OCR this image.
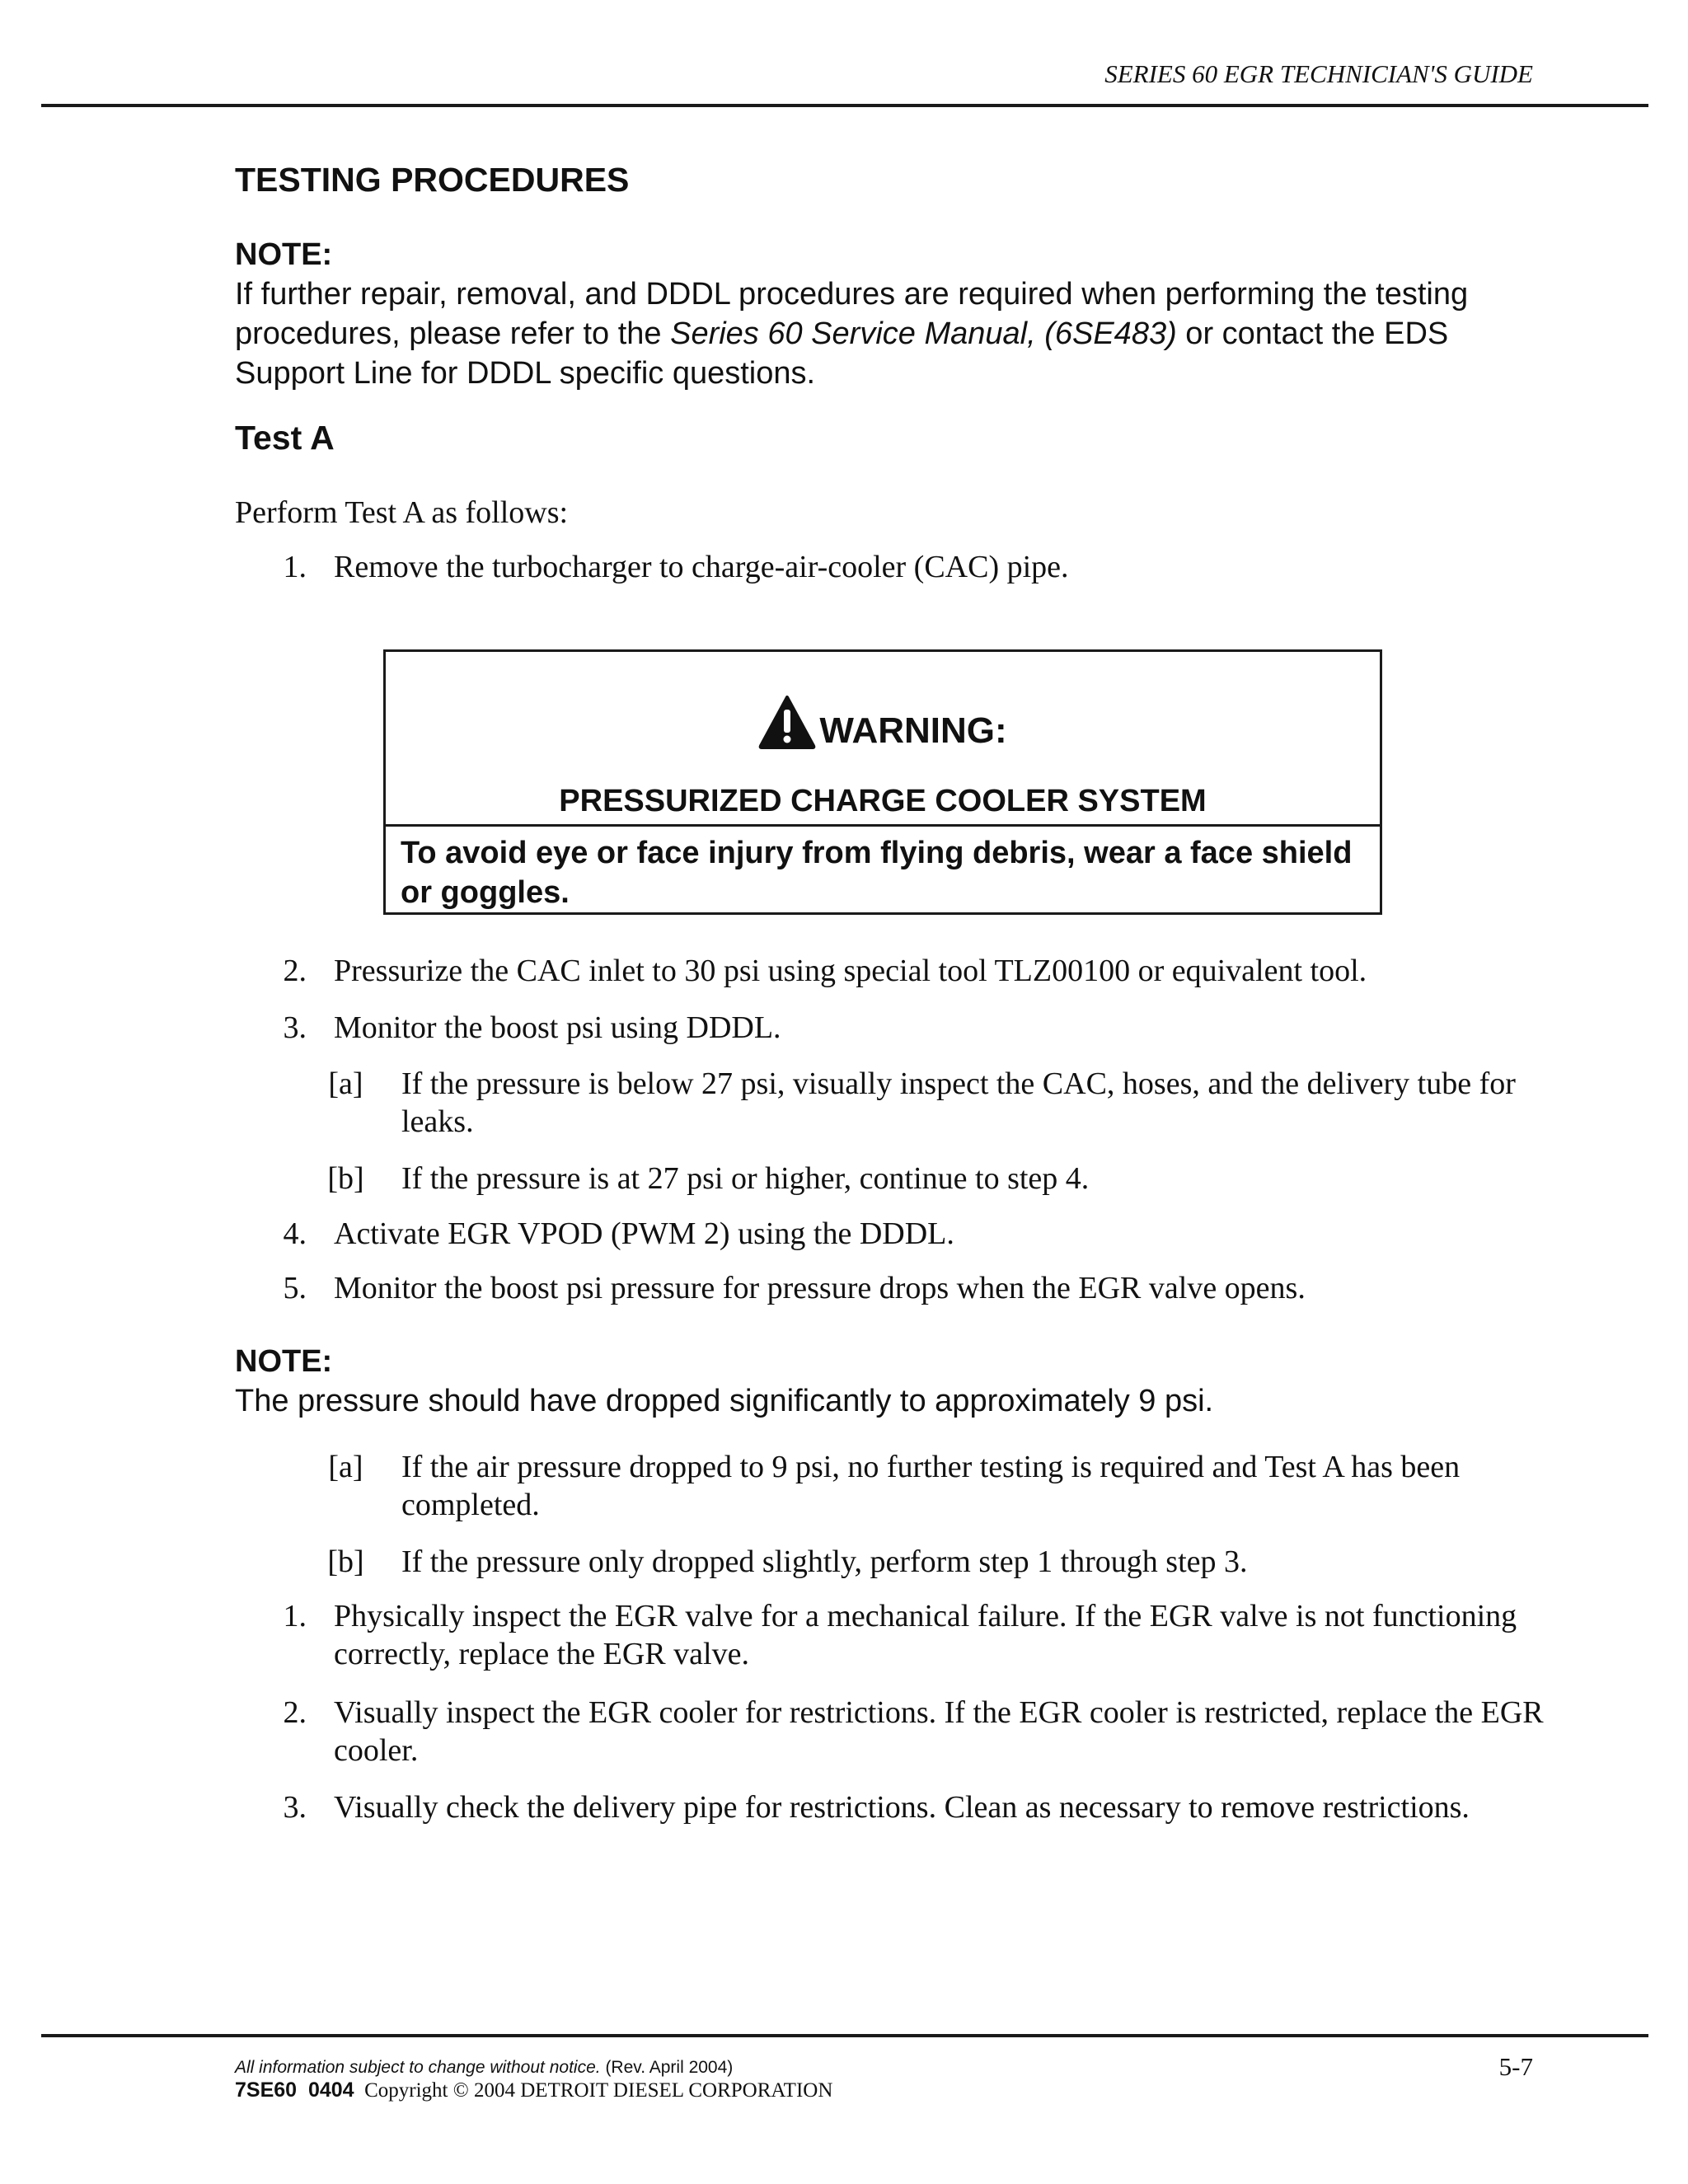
SERIES 60 EGR TECHNICIAN'S GUIDE
TESTING PROCEDURES
NOTE:
If further repair, removal, and DDDL procedures are required when performing the testing procedures, please refer to the Series 60 Service Manual, (6SE483) or contact the EDS Support Line for DDDL specific questions.
Test A
Perform Test A as follows:
1. Remove the turbocharger to charge-air-cooler (CAC) pipe.
WARNING:
PRESSURIZED CHARGE COOLER SYSTEM
To avoid eye or face injury from flying debris, wear a face shield or goggles.
2. Pressurize the CAC inlet to 30 psi using special tool TLZ00100 or equivalent tool.
3. Monitor the boost psi using DDDL.
[a] If the pressure is below 27 psi, visually inspect the CAC, hoses, and the delivery tube for leaks.
[b] If the pressure is at 27 psi or higher, continue to step 4.
4. Activate EGR VPOD (PWM 2) using the DDDL.
5. Monitor the boost psi pressure for pressure drops when the EGR valve opens.
NOTE:
The pressure should have dropped significantly to approximately 9 psi.
[a] If the air pressure dropped to 9 psi, no further testing is required and Test A has been completed.
[b] If the pressure only dropped slightly, perform step 1 through step 3.
1. Physically inspect the EGR valve for a mechanical failure. If the EGR valve is not functioning correctly, replace the EGR valve.
2. Visually inspect the EGR cooler for restrictions. If the EGR cooler is restricted, replace the EGR cooler.
3. Visually check the delivery pipe for restrictions. Clean as necessary to remove restrictions.
All information subject to change without notice. (Rev. April 2004)
7SE60  0404 Copyright © 2004 DETROIT DIESEL CORPORATION
5-7
